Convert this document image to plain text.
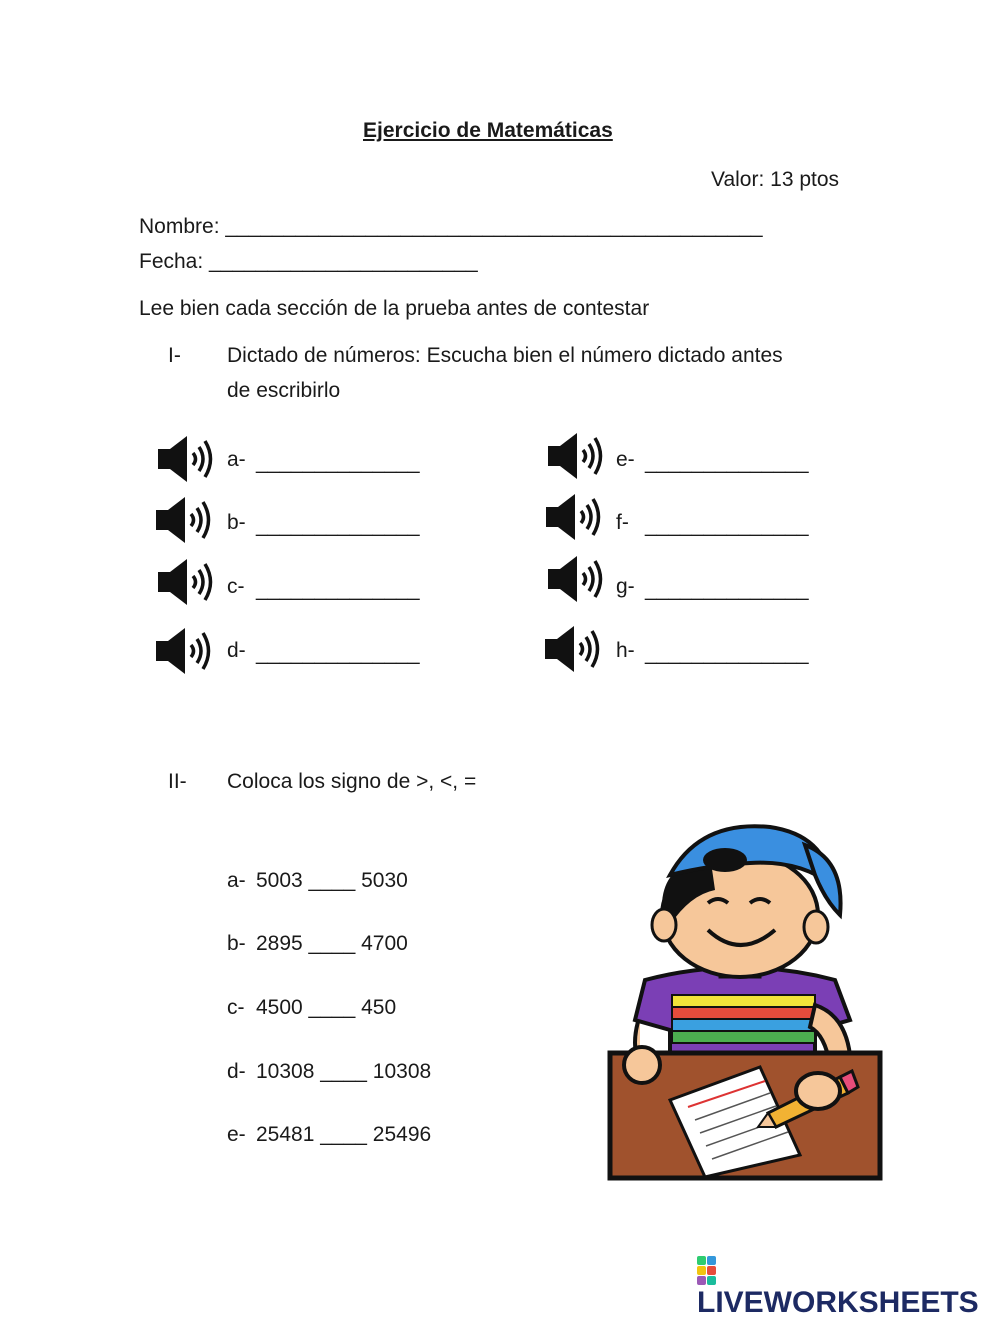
Ejercicio de Matemáticas
Valor: 13 ptos
Nombre: ______________________________________________
Fecha: _______________________
Lee bien cada sección de la prueba antes de contestar
I- Dictado de números: Escucha bien el número dictado antes
de escribirlo
a- ______________
b- ______________
c- ______________
d- ______________
e- ______________
f- ______________
g- ______________
h- ______________
II- Coloca los signo de >, <, =
a- 5003 ____ 5030
b- 2895 ____ 4700
c- 4500 ____ 450
d- 10308 ____ 10308
e- 25481 ____ 25496
LIVEWORKSHEETS
